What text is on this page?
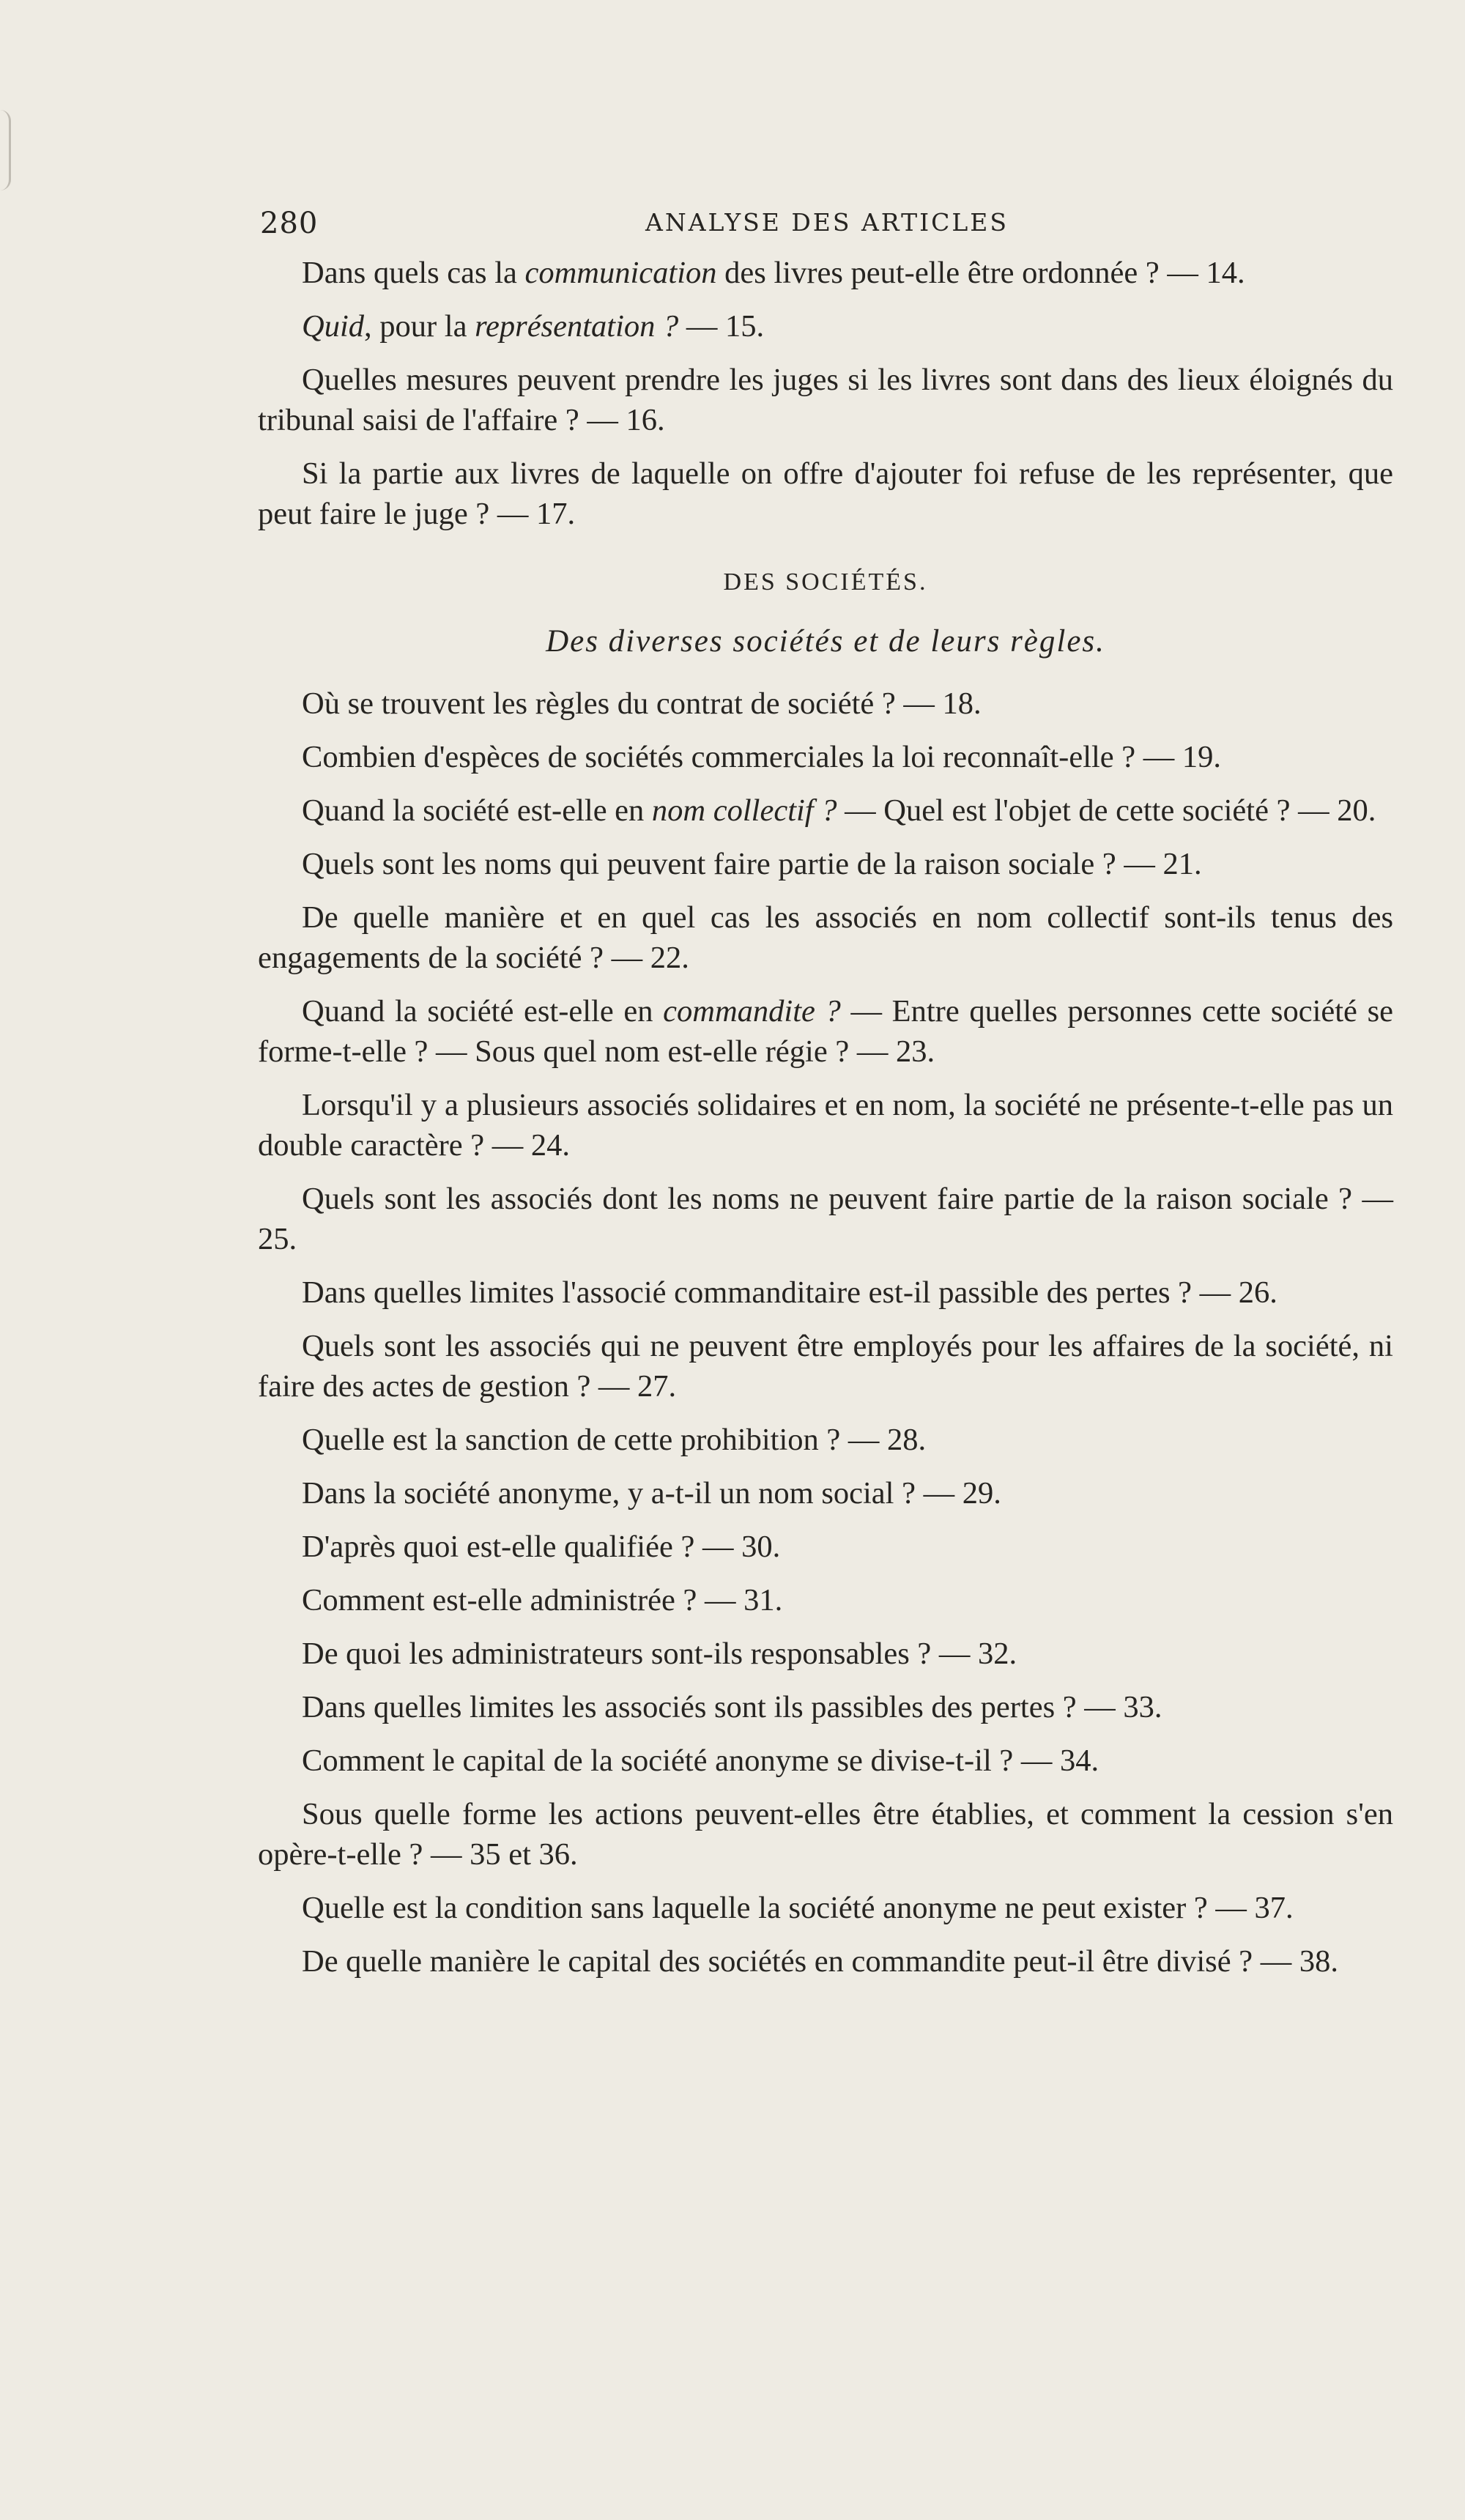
280	ANALYSE DES ARTICLES

Dans quels cas la communication des livres peut-elle être ordonnée ? — 14.

Quid, pour la représentation ? — 15.

Quelles mesures peuvent prendre les juges si les livres sont dans des lieux éloignés du tribunal saisi de l'affaire ? — 16.

Si la partie aux livres de laquelle on offre d'ajouter foi refuse de les représenter, que peut faire le juge ? — 17.

DES SOCIÉTÉS.
Des diverses sociétés et de leurs règles.

Où se trouvent les règles du contrat de société ? — 18.

Combien d'espèces de sociétés commerciales la loi reconnaît-elle ? — 19.

Quand la société est-elle en nom collectif ? — Quel est l'objet de cette société ? — 20.

Quels sont les noms qui peuvent faire partie de la raison sociale ? — 21.

De quelle manière et en quel cas les associés en nom collectif sont-ils tenus des engagements de la société ? — 22.

Quand la société est-elle en commandite ? — Entre quelles personnes cette société se forme-t-elle ? — Sous quel nom est-elle régie ? — 23.

Lorsqu'il y a plusieurs associés solidaires et en nom, la société ne présente-t-elle pas un double caractère ? — 24.

Quels sont les associés dont les noms ne peuvent faire partie de la raison sociale ? — 25.

Dans quelles limites l'associé commanditaire est-il passible des pertes ? — 26.

Quels sont les associés qui ne peuvent être employés pour les affaires de la société, ni faire des actes de gestion ? — 27.

Quelle est la sanction de cette prohibition ? — 28.

Dans la société anonyme, y a-t-il un nom social ? — 29.

D'après quoi est-elle qualifiée ? — 30.

Comment est-elle administrée ? — 31.

De quoi les administrateurs sont-ils responsables ? — 32.

Dans quelles limites les associés sont ils passibles des pertes ? — 33.

Comment le capital de la société anonyme se divise-t-il ? — 34.

Sous quelle forme les actions peuvent-elles être établies, et comment la cession s'en opère-t-elle ? — 35 et 36.

Quelle est la condition sans laquelle la société anonyme ne peut exister ? — 37.

De quelle manière le capital des sociétés en commandite peut-il être divisé ? — 38.
